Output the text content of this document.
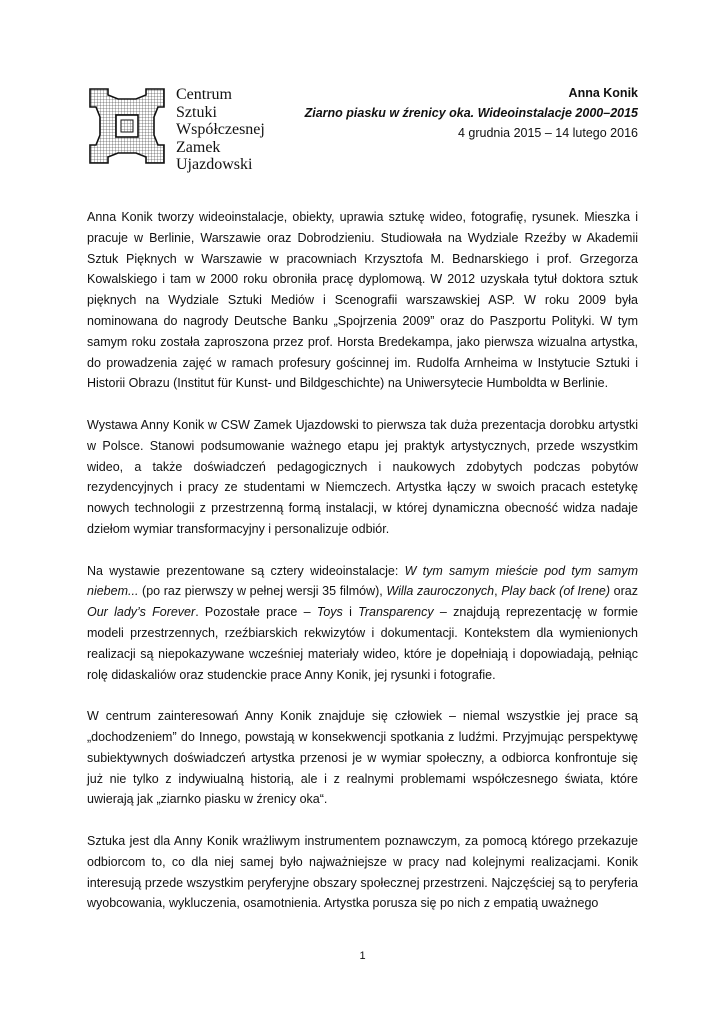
Centrum
Sztuki
Współczesnej
Zamek
Ujazdowski
Anna Konik
Ziarno piasku w źrenicy oka. Wideoinstalacje 2000–2015
4 grudnia 2015 – 14 lutego 2016

Anna Konik tworzy wideoinstalacje, obiekty, uprawia sztukę wideo, fotografię, rysunek. Mieszka i pracuje w Berlinie, Warszawie oraz Dobrodzieniu. Studiowała na Wydziale Rzeźby w Akademii Sztuk Pięknych w Warszawie w pracowniach Krzysztofa M. Bednarskiego i prof. Grzegorza Kowalskiego i tam w 2000 roku obroniła pracę dyplomową. W 2012 uzyskała tytuł doktora sztuk pięknych na Wydziale Sztuki Mediów i Scenografii warszawskiej ASP. W roku 2009 była nominowana do nagrody Deutsche Banku „Spojrzenia 2009” oraz do Paszportu Polityki. W tym samym roku została zaproszona przez prof. Horsta Bredekampa, jako pierwsza wizualna artystka, do prowadzenia zajęć w ramach profesury gościnnej im. Rudolfa Arnheima w Instytucie Sztuki i Historii Obrazu (Institut für Kunst- und Bildgeschichte) na Uniwersytecie Humboldta w Berlinie.

Wystawa Anny Konik w CSW Zamek Ujazdowski to pierwsza tak duża prezentacja dorobku artystki w Polsce. Stanowi podsumowanie ważnego etapu jej praktyk artystycznych, przede wszystkim wideo, a także doświadczeń pedagogicznych i naukowych zdobytych podczas pobytów rezydencyjnych i pracy ze studentami w Niemczech. Artystka łączy w swoich pracach estetykę nowych technologii z przestrzenną formą instalacji, w której dynamiczna obecność widza nadaje dziełom wymiar transformacyjny i personalizuje odbiór.

Na wystawie prezentowane są cztery wideoinstalacje: W tym samym mieście pod tym samym niebem... (po raz pierwszy w pełnej wersji 35 filmów), Willa zauroczonych, Play back (of Irene) oraz Our lady’s Forever. Pozostałe prace – Toys i Transparency – znajdują reprezentację w formie modeli przestrzennych, rzeźbiarskich rekwizytów i dokumentacji. Kontekstem dla wymienionych realizacji są niepokazywane wcześniej materiały wideo, które je dopełniają i dopowiadają, pełniąc rolę didaskaliów oraz studenckie prace Anny Konik, jej rysunki i fotografie.

W centrum zainteresowań Anny Konik znajduje się człowiek – niemal wszystkie jej prace są „dochodzeniem” do Innego, powstają w konsekwencji spotkania z ludźmi. Przyjmując perspektywę subiektywnych doświadczeń artystka przenosi je w wymiar społeczny, a odbiorca konfrontuje się już nie tylko z indywiualną historią, ale i z realnymi problemami współczesnego świata, które uwierają jak „ziarnko piasku w źrenicy oka“.

Sztuka jest dla Anny Konik wrażliwym instrumentem poznawczym, za pomocą którego przekazuje odbiorcom to, co dla niej samej było najważniejsze w pracy nad kolejnymi realizacjami. Konik interesują przede wszystkim peryferyjne obszary społecznej przestrzeni. Najczęściej są to peryferia wyobcowania, wykluczenia, osamotnienia. Artystka porusza się po nich z empatią uważnego

1
